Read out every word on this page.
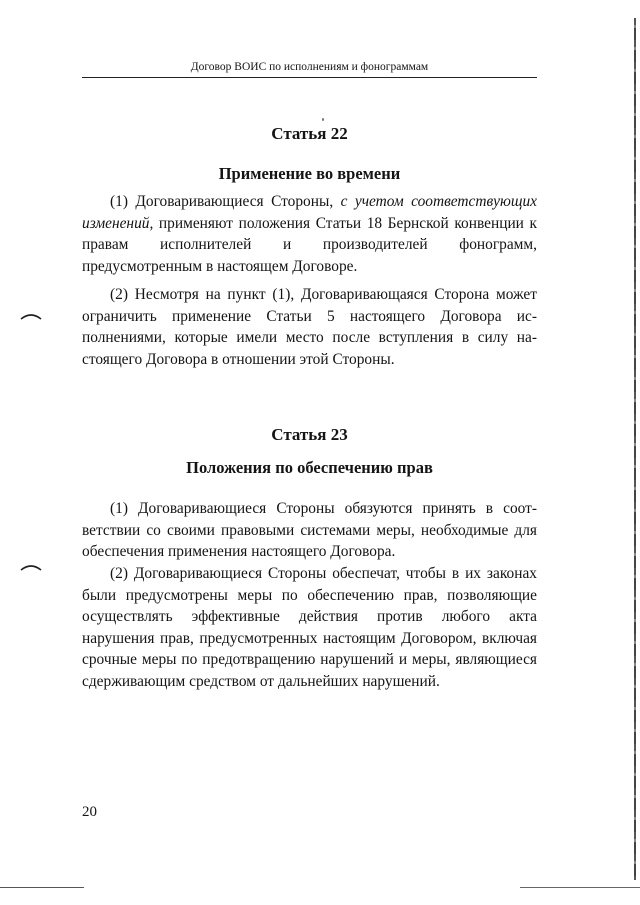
Договор ВОИС по исполнениям и фонограммам
Статья 22
Применение во времени

(1) Договаривающиеся Стороны, с учетом соответствующих изменений, применяют положения Статьи 18 Бернской конвенции к правам исполнителей и производителей фонограмм, предусмотренным в настоящем Договоре.

(2) Несмотря на пункт (1), Договаривающаяся Сторона может ограничить применение Статьи 5 настоящего Договора исполнениями, которые имели место после вступления в силу настоящего Договора в отношении этой Стороны.

Статья 23
Положения по обеспечению прав

(1) Договаривающиеся Стороны обязуются принять в соответствии со своими правовыми системами меры, необходимые для обеспечения применения настоящего Договора.

(2) Договаривающиеся Стороны обеспечат, чтобы в их законах были предусмотрены меры по обеспечению прав, позволяющие осуществлять эффективные действия против любого акта нарушения прав, предусмотренных настоящим Договором, включая срочные меры по предотвращению нарушений и меры, являющиеся сдерживающим средством от дальнейших нарушений.

20
